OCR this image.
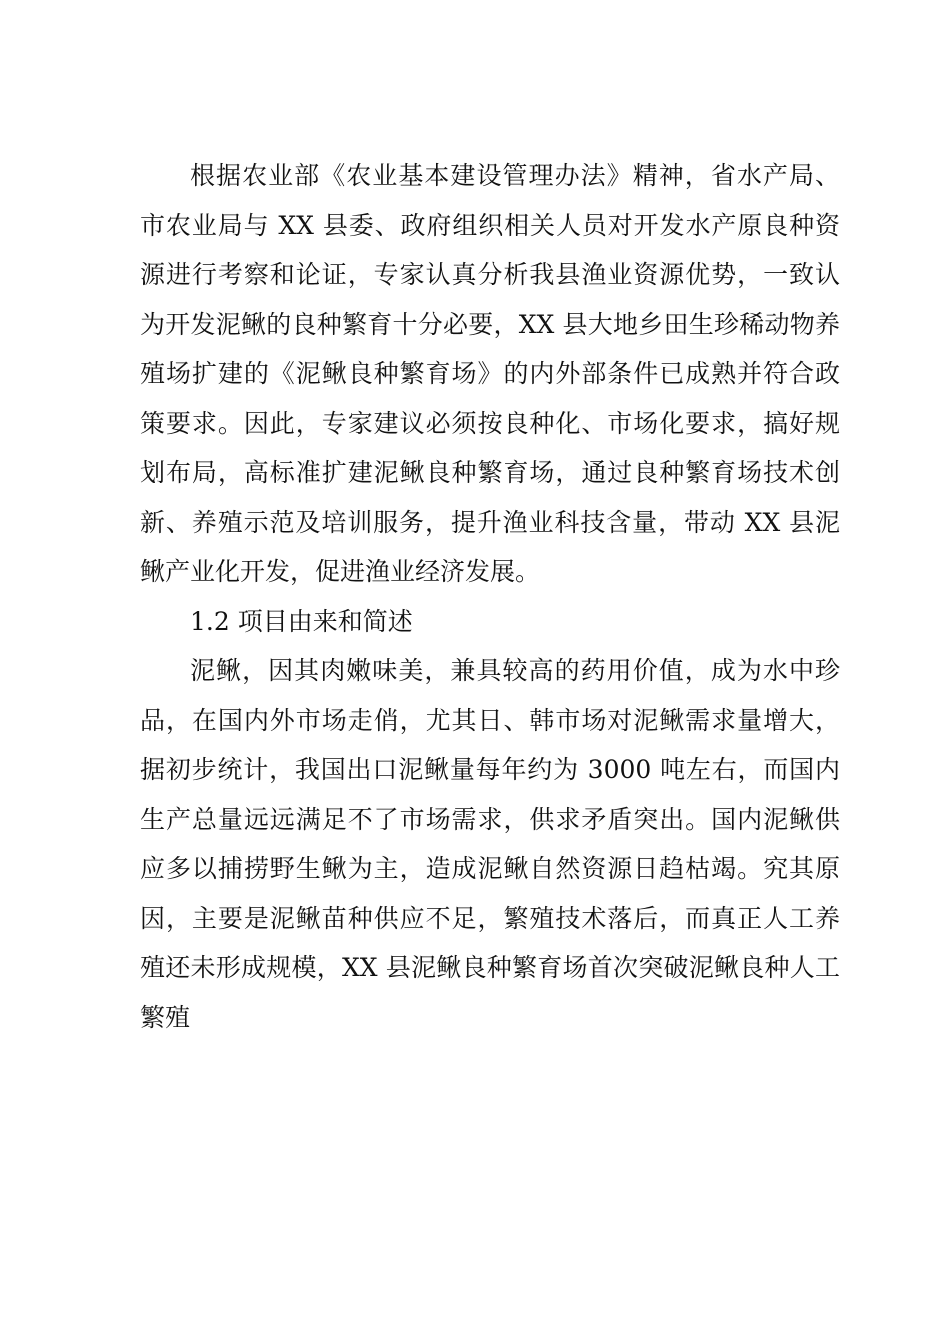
根据农业部《农业基本建设管理办法》精神，省水产局、
市农业局与 XX 县委、政府组织相关人员对开发水产原良种资
源进行考察和论证，专家认真分析我县渔业资源优势，一致认
为开发泥鳅的良种繁育十分必要，XX 县大地乡田生珍稀动物养
殖场扩建的《泥鳅良种繁育场》的内外部条件已成熟并符合政
策要求。因此，专家建议必须按良种化、市场化要求，搞好规
划布局，高标准扩建泥鳅良种繁育场，通过良种繁育场技术创
新、养殖示范及培训服务，提升渔业科技含量，带动 XX 县泥
鳅产业化开发，促进渔业经济发展。
1.2 项目由来和简述
泥鳅，因其肉嫩味美，兼具较高的药用价值，成为水中珍
品，在国内外市场走俏，尤其日、韩市场对泥鳅需求量增大，
据初步统计，我国出口泥鳅量每年约为 3000 吨左右，而国内
生产总量远远满足不了市场需求，供求矛盾突出。国内泥鳅供
应多以捕捞野生鳅为主，造成泥鳅自然资源日趋枯竭。究其原
因，主要是泥鳅苗种供应不足，繁殖技术落后，而真正人工养
殖还未形成规模，XX 县泥鳅良种繁育场首次突破泥鳅良种人工
繁殖
